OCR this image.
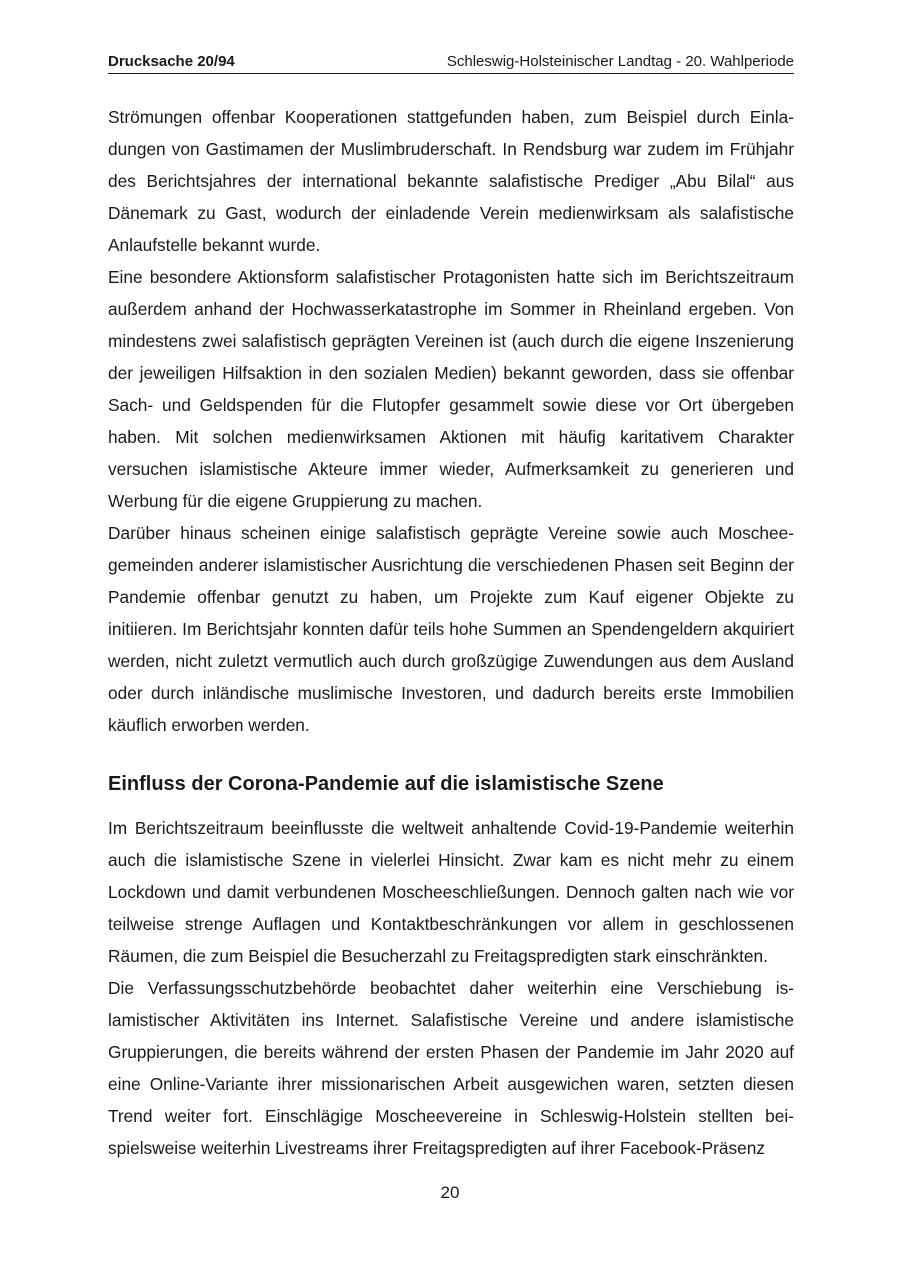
Drucksache 20/94	Schleswig-Holsteinischer Landtag - 20. Wahlperiode

Strömungen offenbar Kooperationen stattgefunden haben, zum Beispiel durch Einladungen von Gastimamen der Muslimbruderschaft. In Rendsburg war zudem im Frühjahr des Berichtsjahres der international bekannte salafistische Prediger „Abu Bilal“ aus Dänemark zu Gast, wodurch der einladende Verein medienwirksam als salafistische Anlaufstelle bekannt wurde.

Eine besondere Aktionsform salafistischer Protagonisten hatte sich im Berichtszeitraum außerdem anhand der Hochwasserkatastrophe im Sommer in Rheinland ergeben. Von mindestens zwei salafistisch geprägten Vereinen ist (auch durch die eigene Inszenierung der jeweiligen Hilfsaktion in den sozialen Medien) bekannt geworden, dass sie offenbar Sach- und Geldspenden für die Flutopfer gesammelt sowie diese vor Ort übergeben haben. Mit solchen medienwirksamen Aktionen mit häufig karitativem Charakter versuchen islamistische Akteure immer wieder, Aufmerksamkeit zu generieren und Werbung für die eigene Gruppierung zu machen.

Darüber hinaus scheinen einige salafistisch geprägte Vereine sowie auch Moscheegemeinden anderer islamistischer Ausrichtung die verschiedenen Phasen seit Beginn der Pandemie offenbar genutzt zu haben, um Projekte zum Kauf eigener Objekte zu initiieren. Im Berichtsjahr konnten dafür teils hohe Summen an Spendengeldern akquiriert werden, nicht zuletzt vermutlich auch durch großzügige Zuwendungen aus dem Ausland oder durch inländische muslimische Investoren, und dadurch bereits erste Immobilien käuflich erworben werden.

Einfluss der Corona-Pandemie auf die islamistische Szene

Im Berichtszeitraum beeinflusste die weltweit anhaltende Covid-19-Pandemie weiterhin auch die islamistische Szene in vielerlei Hinsicht. Zwar kam es nicht mehr zu einem Lockdown und damit verbundenen Moscheeschließungen. Dennoch galten nach wie vor teilweise strenge Auflagen und Kontaktbeschränkungen vor allem in geschlossenen Räumen, die zum Beispiel die Besucherzahl zu Freitagspredigten stark einschränkten.

Die Verfassungsschutzbehörde beobachtet daher weiterhin eine Verschiebung islamistischer Aktivitäten ins Internet. Salafistische Vereine und andere islamistische Gruppierungen, die bereits während der ersten Phasen der Pandemie im Jahr 2020 auf eine Online-Variante ihrer missionarischen Arbeit ausgewichen waren, setzten diesen Trend weiter fort. Einschlägige Moscheevereine in Schleswig-Holstein stellten beispielsweise weiterhin Livestreams ihrer Freitagspredigten auf ihrer Facebook-Präsenz

20
